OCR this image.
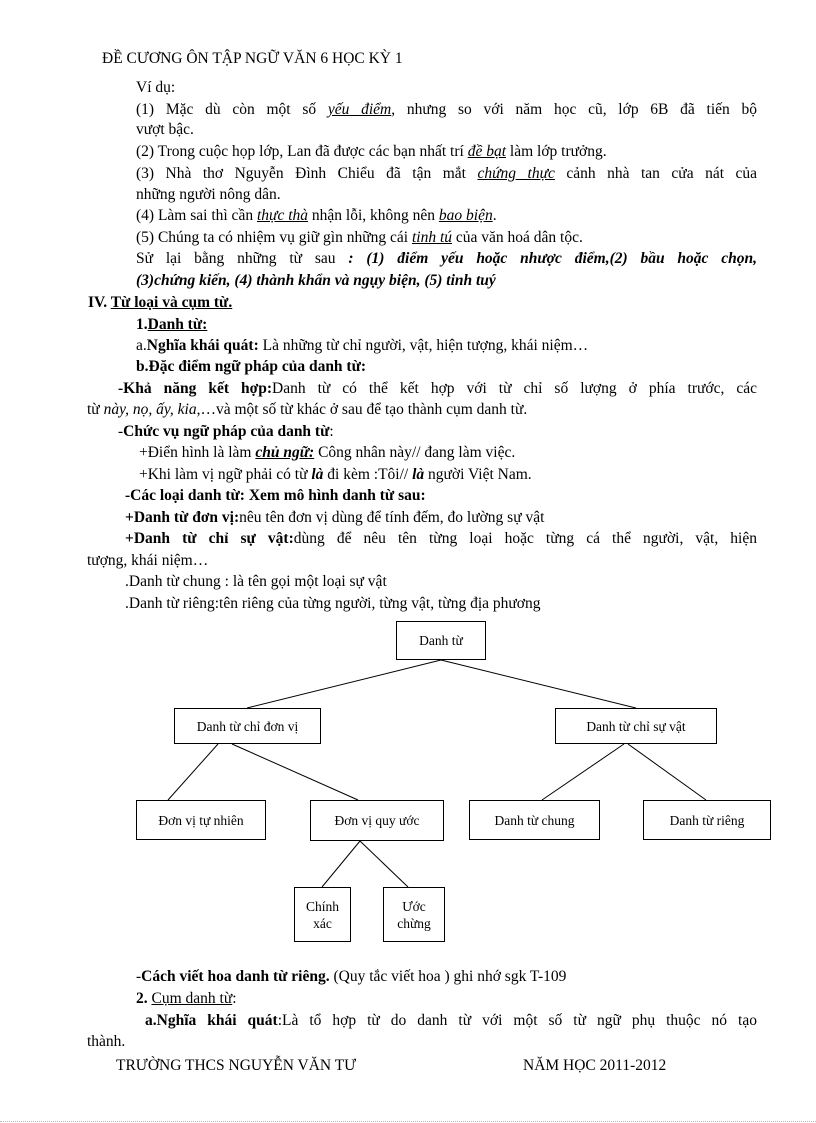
ĐỀ CƯƠNG ÔN TẬP NGỮ VĂN 6 HỌC KỲ 1
Ví dụ:
(1) Mặc dù còn một số yếu điểm, nhưng so với năm học cũ, lớp 6B đã tiến bộ
vượt bậc.
(2) Trong cuộc họp lớp, Lan đã được các bạn nhất trí đề bạt làm lớp trưởng.
(3) Nhà thơ Nguyễn Đình Chiểu đã tận mắt chứng thực cảnh nhà tan cửa nát của
những người nông dân.
(4) Làm sai thì cần thực thà nhận lỗi, không nên bao biện.
(5) Chúng ta có nhiệm vụ giữ gìn những cái tinh tú của văn hoá dân tộc.
Sử lại bằng những từ sau : (1) điểm yếu hoặc nhược điểm,(2) bầu hoặc chọn,
(3)chứng kiến, (4) thành khẩn và ngụy biện, (5) tinh tuý
IV. Từ loại và cụm từ.
1.Danh từ:
a.Nghĩa khái quát: Là những từ chỉ người, vật, hiện tượng, khái niệm…
b.Đặc điểm ngữ pháp của danh từ:
-Khả năng kết hợp:Danh từ có thể kết hợp với từ chỉ số lượng ở phía trước, các
từ này, nọ, ấy, kia,…và một số từ khác ở sau để tạo thành cụm danh từ.
-Chức vụ ngữ pháp của danh từ:
+Điển hình là làm chủ ngữ: Công nhân này// đang làm việc.
+Khi làm vị ngữ phải có từ là đi kèm :Tôi// là người Việt Nam.
-Các loại danh từ: Xem mô hình danh từ sau:
+Danh từ đơn vị:nêu tên đơn vị dùng để tính đếm, đo lường sự vật
+Danh từ chỉ sự vật:dùng để nêu tên từng loại hoặc từng cá thể người, vật, hiện
tượng, khái niệm…
.Danh từ chung : là tên gọi một loại sự vật
.Danh từ riêng:tên riêng của từng người, từng vật, từng địa phương
Danh từ
Danh từ chỉ đơn vị	Danh từ chỉ sự vật
Đơn vị tự nhiên	Đơn vị quy ước	Danh từ chung	Danh từ riêng
Chính
xác
Ước
chừng
-Cách viết hoa danh từ riêng. (Quy tắc viết hoa ) ghi nhớ sgk T-109
2. Cụm danh từ:
a.Nghĩa khái quát:Là tổ hợp từ do danh từ với một số từ ngữ phụ thuộc nó tạo
thành.
TRƯỜNG THCS NGUYỄN VĂN TƯ	NĂM HỌC 2011-2012
